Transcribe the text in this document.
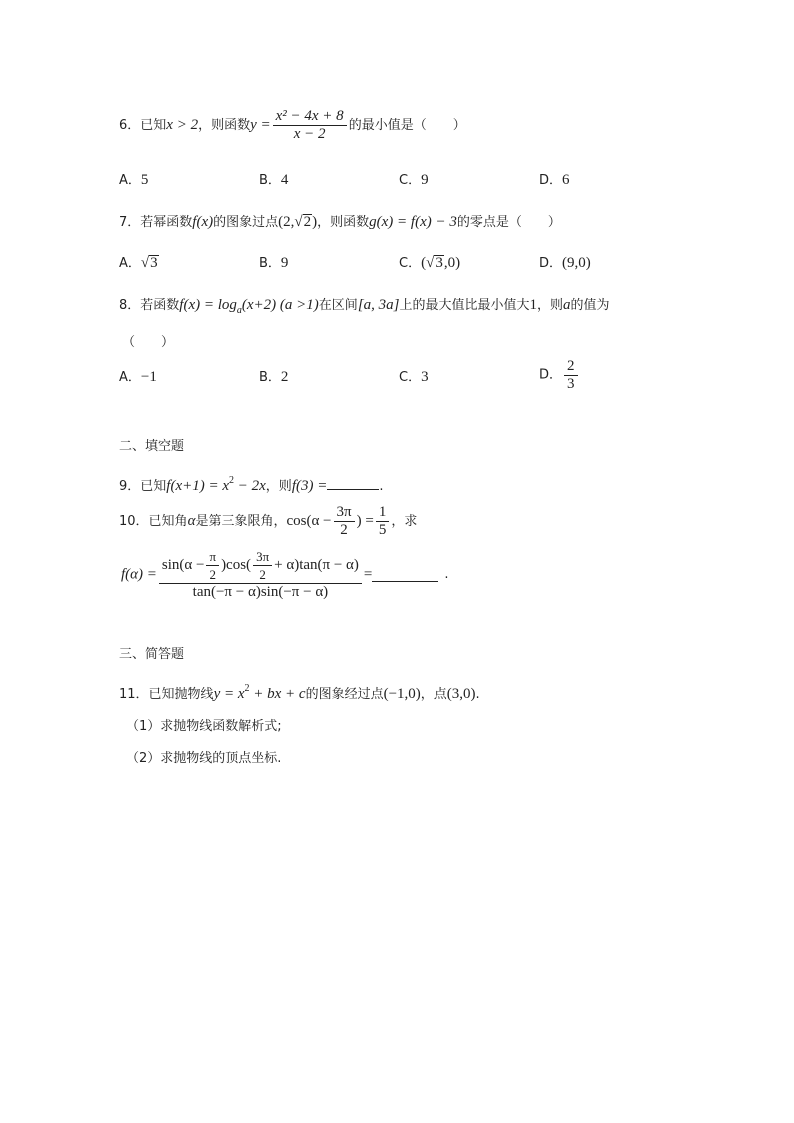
6．已知x > 2，则函数$y = \frac{\text{x² − 4x + 8}}{x - 2}$ 的最小值是（　　）
A．5	B．4	C．9	D．6
7．若幂函数f(x)的图象过点(2,√2)，则函数g(x) = f(x) − 3的零点是（　　）
A．√3	B．9	C．(√3,0)	D．(9,0)
8．若函数$f(x) = \log_a(x+2)$ (a >1)在区间[a, 3a]上的最大值比最小值大1，则a的值为
（　　）
A．−1	B．2	C．3	D． $\frac{2}{3}$
二、填空题
9．已知$f(x+1) = x^2 - 2x$，则f(3) =	.
10．已知角α是第三象限角，$\cos(\alpha - \frac{3\pi}{2}$ ) = $\frac{1}{5}$ ，求
$f(\alpha) = \frac{\sin(\alpha - \frac{\pi}{2} )\cos( \frac{3\pi}{2} + \alpha)\tan(\pi - \alpha)}{\tan(-\pi - \alpha)\sin(-\pi - \alpha)}$ =	.
三、简答题
11．已知抛物线$y = x^2$ + bx + c的图象经过点(−1,0)，点(3,0).
（1）求抛物线函数解析式;
（2）求抛物线的顶点坐标.
